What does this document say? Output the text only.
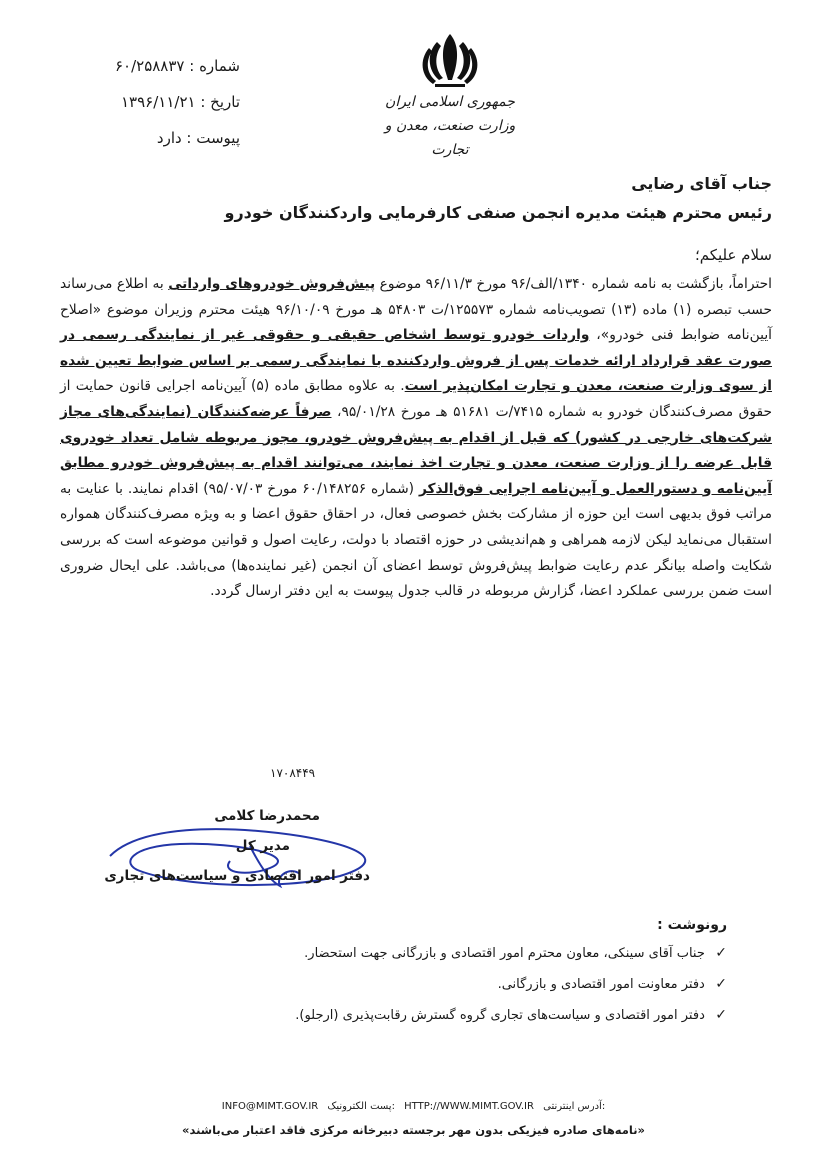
شماره : ۶۰/۲۵۸۸۳۷
تاریخ : ۱۳۹۶/۱۱/۲۱
پیوست : دارد
جمهوری اسلامی ایران
وزارت صنعت، معدن و تجارت
جناب آقای رضایی
رئیس محترم هیئت مدیره انجمن صنفی کارفرمایی واردکنندگان خودرو
سلام علیکم؛

احتراماً، بازگشت به نامه شماره ۱۳۴۰/الف/۹۶ مورخ ۹۶/۱۱/۳ موضوع پیش‌فروش خودروهای وارداتی به اطلاع می‌رساند حسب تبصره (۱) ماده (۱۳) تصویب‌نامه شماره ۱۲۵۵۷۳/ت ۵۴۸۰۳ هـ مورخ ۹۶/۱۰/۰۹ هیئت محترم وزیران موضوع «اصلاح آیین‌نامه ضوابط فنی خودرو»، واردات خودرو توسط اشخاص حقیقی و حقوقی غیر از نمایندگی رسمی در صورت عقد قرارداد ارائه خدمات پس از فروش واردکننده با نمایندگی رسمی بر اساس ضوابط تعیین شده از سوی وزارت صنعت، معدن و تجارت امکان‌پذیر است. به علاوه مطابق ماده (۵) آیین‌نامه اجرایی قانون حمایت از حقوق مصرف‌کنندگان خودرو به شماره ۷۴۱۵/ت ۵۱۶۸۱ هـ مورخ ۹۵/۰۱/۲۸، صرفاً عرضه‌کنندگان (نمایندگی‌های مجاز شرکت‌های خارجی در کشور) که قبل از اقدام به پیش‌فروش خودرو، مجوز مربوطه شامل تعداد خودروی قابل عرضه را از وزارت صنعت، معدن و تجارت اخذ نمایند، می‌توانند اقدام به پیش‌فروش خودرو مطابق آیین‌نامه و دستورالعمل و آیین‌نامه اجرایی فوق‌الذکر (شماره ۶۰/۱۴۸۲۵۶ مورخ ۹۵/۰۷/۰۳) اقدام نمایند. با عنایت به مراتب فوق بدیهی است این حوزه از مشارکت بخش خصوصی فعال، در احقاق حقوق اعضا و به ویژه مصرف‌کنندگان همواره استقبال می‌نماید لیکن لازمه همراهی و هم‌اندیشی در حوزه اقتصاد با دولت، رعایت اصول و قوانین موضوعه است که بررسی شکایت واصله بیانگر عدم رعایت ضوابط پیش‌فروش توسط اعضای آن انجمن (غیر نماینده‌ها) می‌باشد. علی ایحال ضروری است ضمن بررسی عملکرد اعضا، گزارش مربوطه در قالب جدول پیوست به این دفتر ارسال گردد.

۱۷۰۸۴۴۹
محمدرضا کلامی
مدیر کل
دفتر امور اقتصادی و سیاست‌های تجاری
رونوشت :
✓ جناب آقای سینکی، معاون محترم امور اقتصادی و بازرگانی جهت استحضار.
✓ دفتر معاونت امور اقتصادی و بازرگانی.
✓ دفتر امور اقتصادی و سیاست‌های تجاری گروه گسترش رقابت‌پذیری (ارجلو).
INFO@MIMT.GOV.IR پست الکترونیک: HTTP://WWW.MIMT.GOV.IR آدرس اینترنتی:
«نامه‌های صادره فیزیکی بدون مهر برجسته دبیرخانه مرکزی فاقد اعتبار می‌باشند»
